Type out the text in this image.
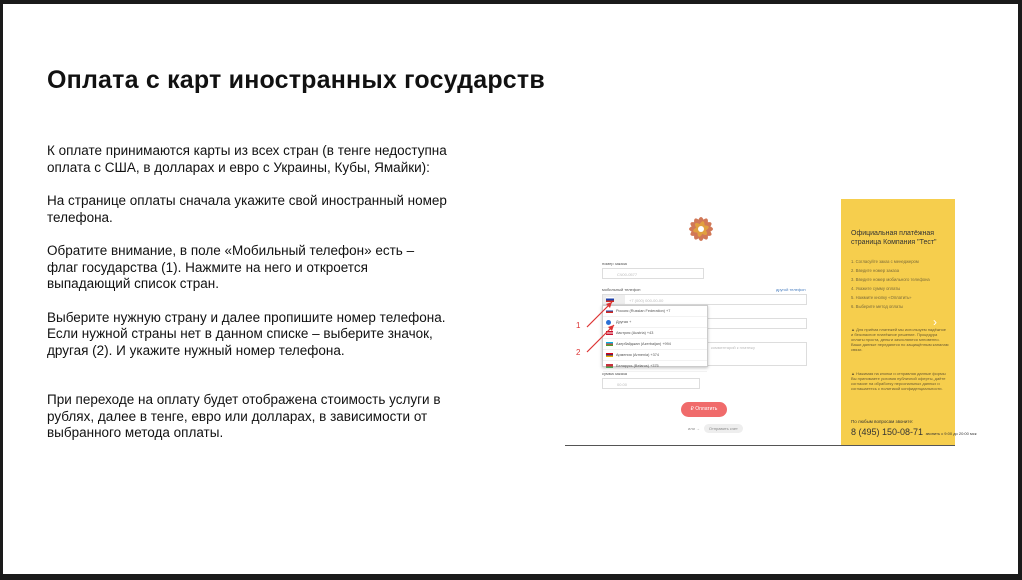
Оплата с карт иностранных государств

К оплате принимаются карты из всех стран (в тенге недоступна
оплата с США, в долларах и евро с Украины, Кубы, Ямайки):

На странице оплаты сначала укажите свой иностранный номер
телефона.

Обратите внимание, в поле «Мобильный телефон» есть –
флаг государства (1). Нажмите на него и откроется
выпадающий список стран.

Выберите нужную страну и далее пропишите номер телефона.
Если нужной страны нет в данном списке – выберите значок,
другая (2). И укажите нужный номер телефона.

При переходе на оплату будет отображена стоимость услуги в
рублях, далее в тенге, евро или долларах, в зависимости от
выбранного метода оплаты.

номер заказа
СЧ00-0577
мобильный телефон	другой телефон
+7 (000) 000-00-00
комментарий к платежу
сумма заказа
00.00
Россия (Russian Federation) +7
Другая +
Австрия (Austria) +43
Азербайджан (Azerbaijan) +994
Армения (Armenia) +374
Беларусь (Belarus) +375
1
2
₽ Оплатить
или → Отправить счет
Официальная платёжная страница Компания "Тест"
1. Согласуйте заказ с менеджером
2. Введите номер заказа
3. Введите номер мобильного телефона
4. Укажите сумму оплаты
5. Нажмите кнопку «Оплатить»
6. Выберите метод оплаты
▲ Для приёма платежей мы используем надёжное и безопасное платёжное решение. Процедура оплаты проста, деньги зачисляются мгновенно. Ваши данные передаются по защищённым каналам связи.
▲ Нажимая на кнопки и отправляя данные формы Вы принимаете условия публичной оферты, даёте согласие на обработку персональных данных и соглашаетесь с политикой конфиденциальности.
По любым вопросам звоните:
8 (495) 150-08-71 звонить с 9:00 до 20:00 мск
›
